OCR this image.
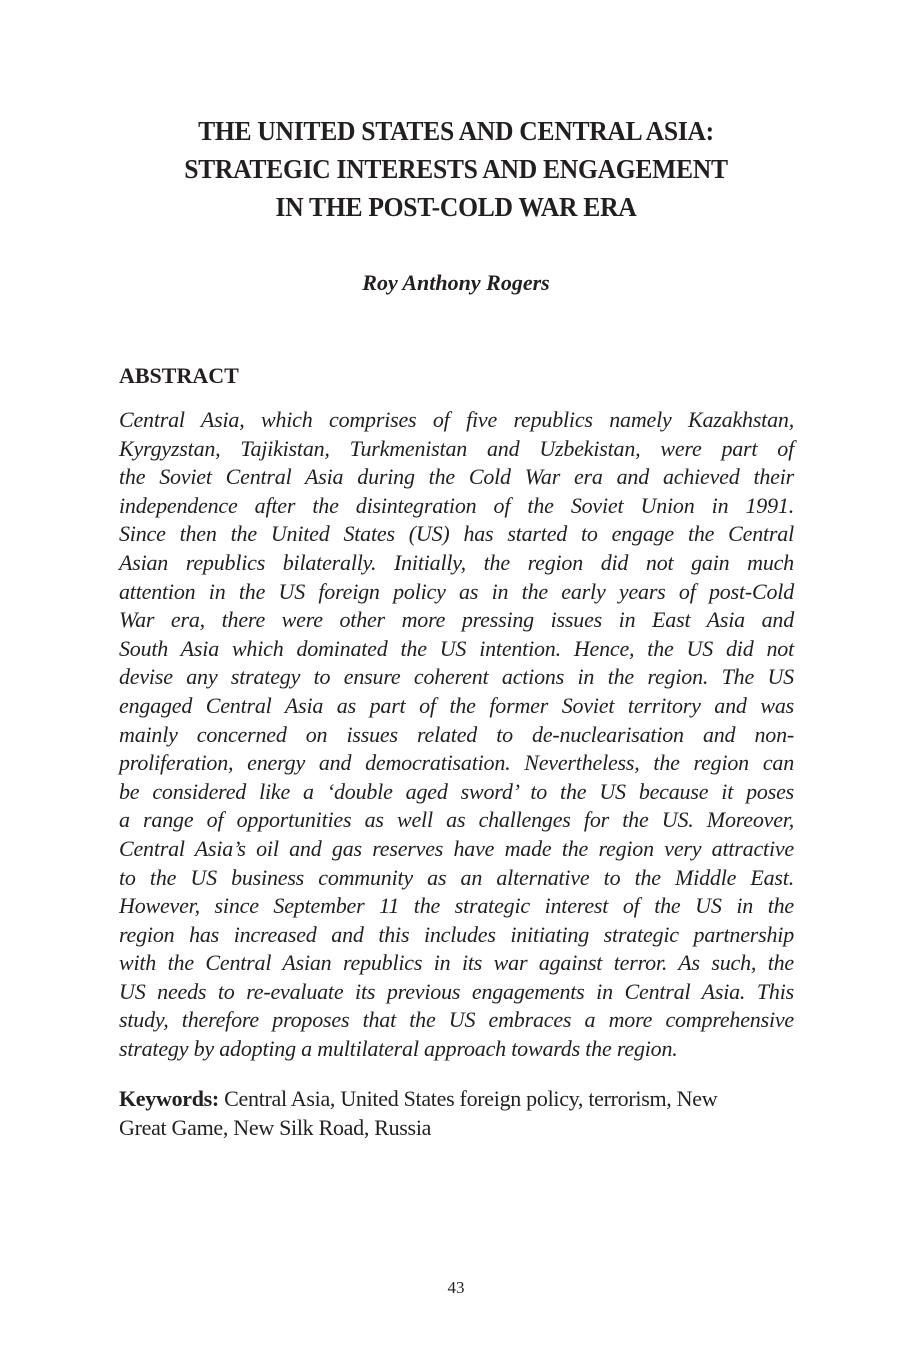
THE UNITED STATES AND CENTRAL ASIA:
STRATEGIC INTERESTS AND ENGAGEMENT
IN THE POST-COLD WAR ERA
Roy Anthony Rogers
ABSTRACT
Central Asia, which comprises of five republics namely Kazakhstan,
Kyrgyzstan, Tajikistan, Turkmenistan and Uzbekistan, were part of
the Soviet Central Asia during the Cold War era and achieved their
independence after the disintegration of the Soviet Union in 1991.
Since then the United States (US) has started to engage the Central
Asian republics bilaterally. Initially, the region did not gain much
attention in the US foreign policy as in the early years of post-Cold
War era, there were other more pressing issues in East Asia and
South Asia which dominated the US intention. Hence, the US did not
devise any strategy to ensure coherent actions in the region. The US
engaged Central Asia as part of the former Soviet territory and was
mainly concerned on issues related to de-nuclearisation and non-
proliferation, energy and democratisation. Nevertheless, the region can
be considered like a ‘double aged sword’ to the US because it poses
a range of opportunities as well as challenges for the US. Moreover,
Central Asia’s oil and gas reserves have made the region very attractive
to the US business community as an alternative to the Middle East.
However, since September 11 the strategic interest of the US in the
region has increased and this includes initiating strategic partnership
with the Central Asian republics in its war against terror. As such, the
US needs to re-evaluate its previous engagements in Central Asia. This
study, therefore proposes that the US embraces a more comprehensive
strategy by adopting a multilateral approach towards the region.
Keywords: Central Asia, United States foreign policy, terrorism, New
Great Game, New Silk Road, Russia
43
